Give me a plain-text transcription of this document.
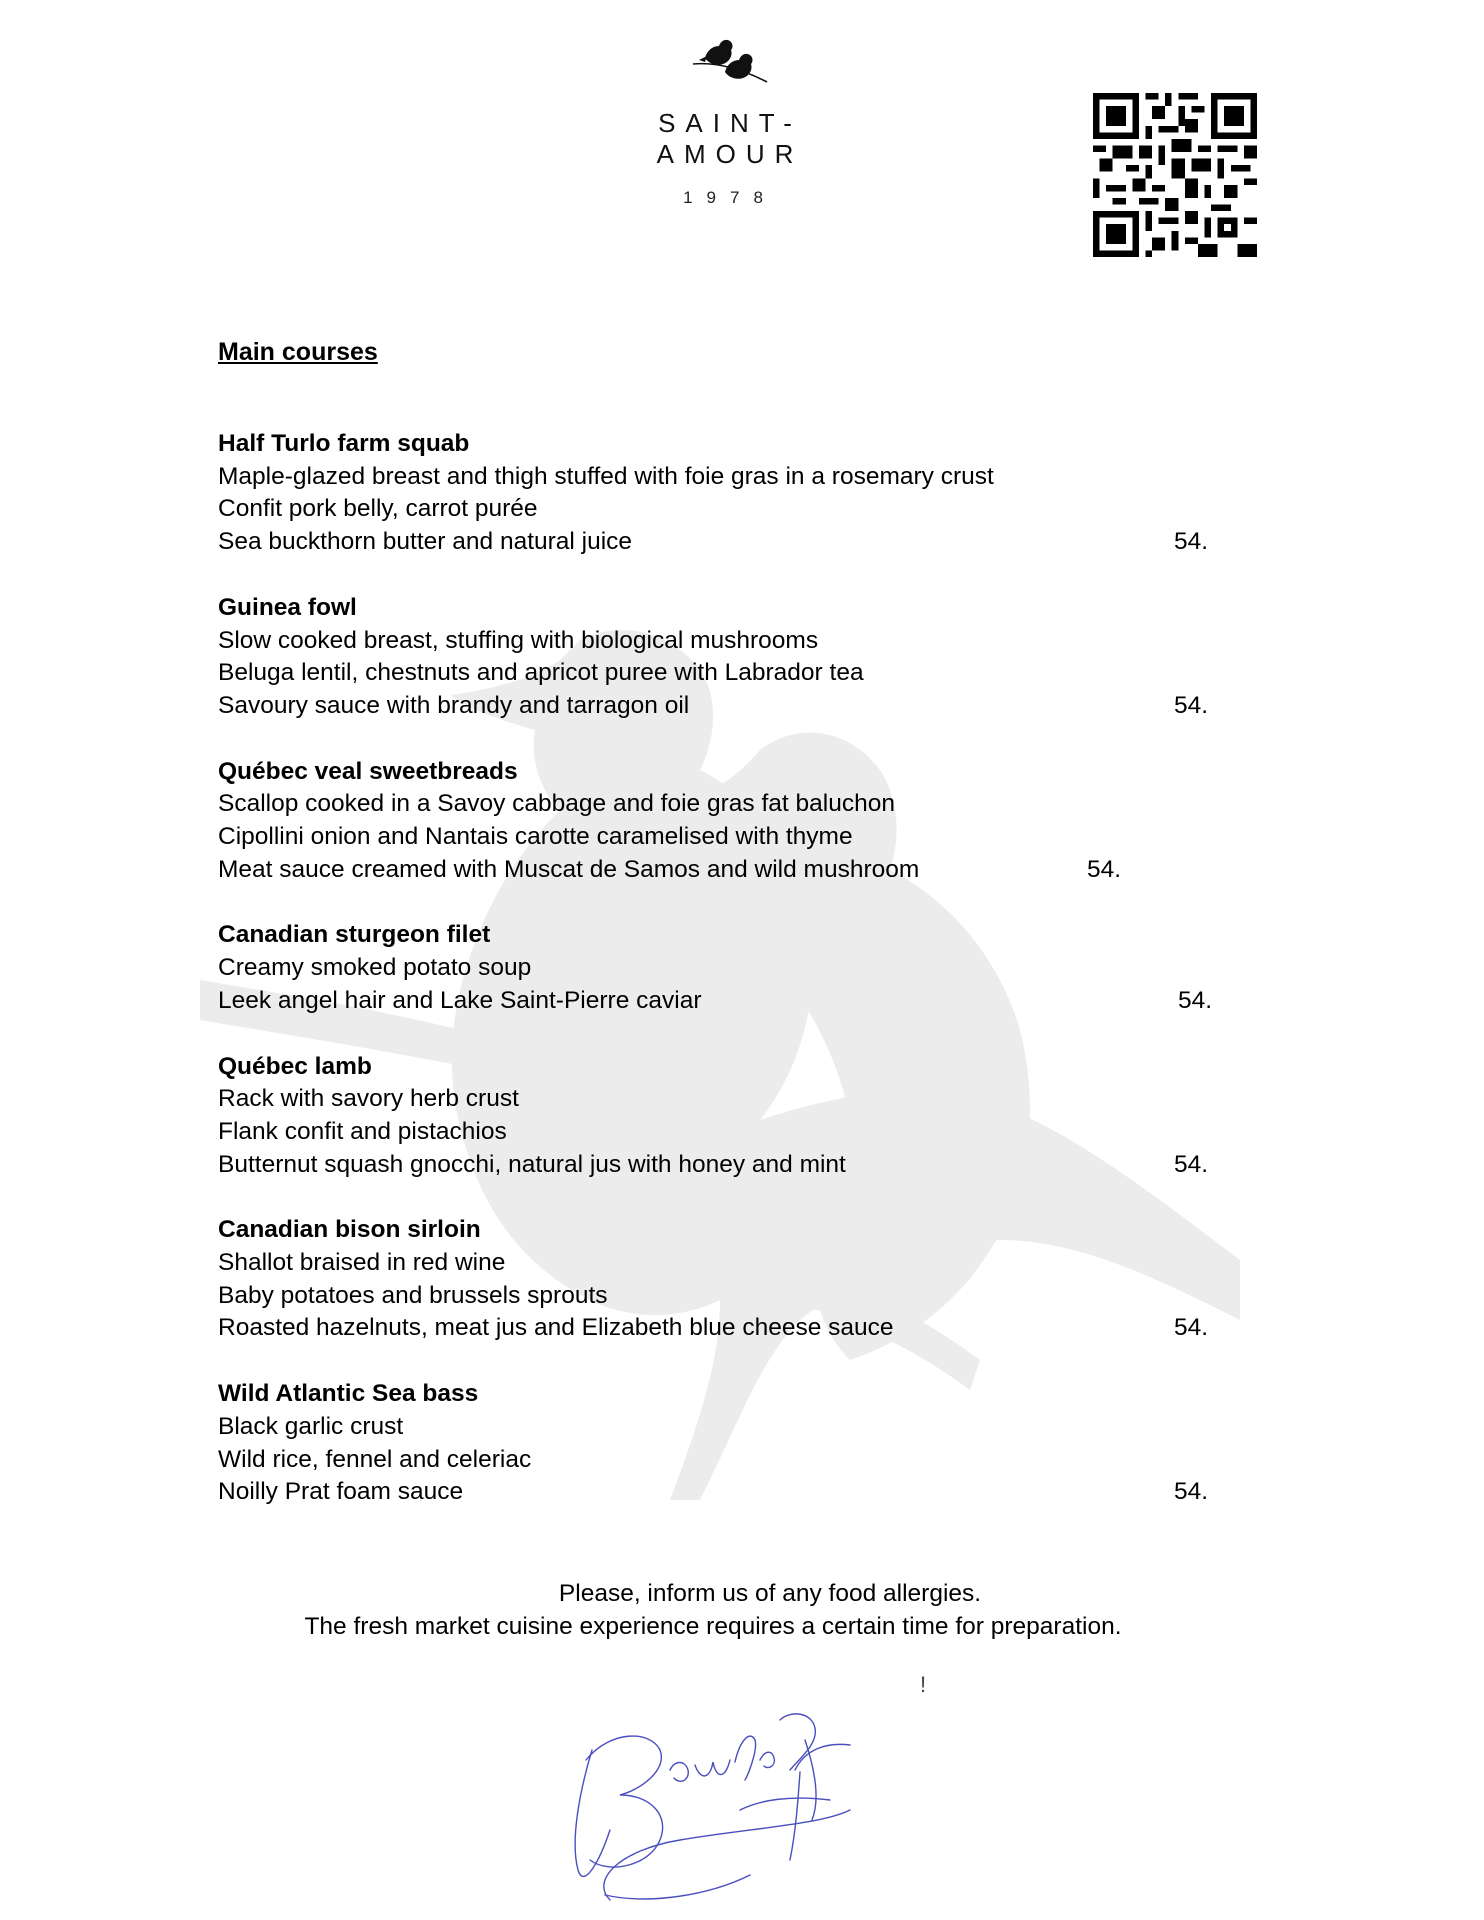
SAINT-AMOUR
1978
Main courses
Half Turlo farm squab
Maple-glazed breast and thigh stuffed with foie gras in a rosemary crust
Confit pork belly, carrot purée
Sea buckthorn butter and natural juice	54.
Guinea fowl
Slow cooked breast, stuffing with biological mushrooms
Beluga lentil, chestnuts and apricot puree with Labrador tea
Savoury sauce with brandy and tarragon oil	54.
Québec veal sweetbreads
Scallop cooked in a Savoy cabbage and foie gras fat baluchon
Cipollini onion and Nantais carotte caramelised with thyme
Meat sauce creamed with Muscat de Samos and wild mushroom	54.
Canadian sturgeon filet
Creamy smoked potato soup
Leek angel hair and Lake Saint-Pierre caviar	54.
Québec lamb
Rack with savory herb crust
Flank confit and pistachios
Butternut squash gnocchi, natural jus with honey and mint	54.
Canadian bison sirloin
Shallot braised in red wine
Baby potatoes and brussels sprouts
Roasted hazelnuts, meat jus and Elizabeth blue cheese sauce	54.
Wild Atlantic Sea bass
Black garlic crust
Wild rice, fennel and celeriac
Noilly Prat foam sauce	54.
Please, inform us of any food allergies.
The fresh market cuisine experience requires a certain time for preparation.
!
